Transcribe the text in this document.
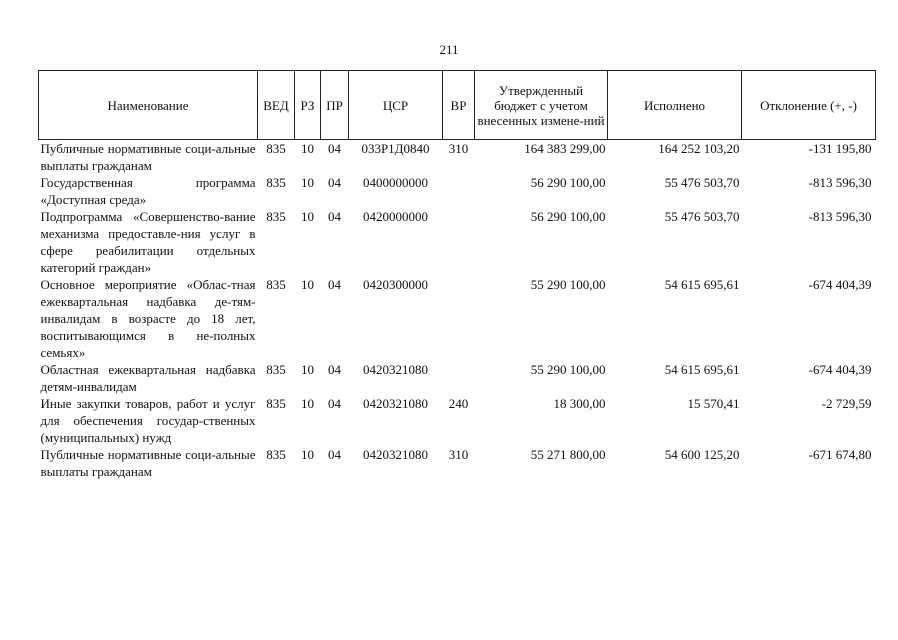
211
Наименование	ВЕД	РЗ	ПР	ЦСР	ВР	Утвержденный бюджет с учетом внесенных измене-ний	Исполнено	Отклонение (+, -)
Публичные нормативные соци-альные выплаты гражданам	835	10	04	033Р1Д0840	310	164 383 299,00	164 252 103,20	-131 195,80
Государственная программа «Доступная среда»	835	10	04	0400000000		56 290 100,00	55 476 503,70	-813 596,30
Подпрограмма «Совершенство-вание механизма предоставле-ния услуг в сфере реабилитации отдельных категорий граждан»	835	10	04	0420000000		56 290 100,00	55 476 503,70	-813 596,30
Основное мероприятие «Облас-тная ежеквартальная надбавка де-тям-инвалидам в возрасте до 18 лет, воспитывающимся в не-полных семьях»	835	10	04	0420300000		55 290 100,00	54 615 695,61	-674 404,39
Областная ежеквартальная надбавка детям-инвалидам	835	10	04	0420321080		55 290 100,00	54 615 695,61	-674 404,39
Иные закупки товаров, работ и услуг для обеспечения государ-ственных (муниципальных) нужд	835	10	04	0420321080	240	18 300,00	15 570,41	-2 729,59
Публичные нормативные соци-альные выплаты гражданам	835	10	04	0420321080	310	55 271 800,00	54 600 125,20	-671 674,80
